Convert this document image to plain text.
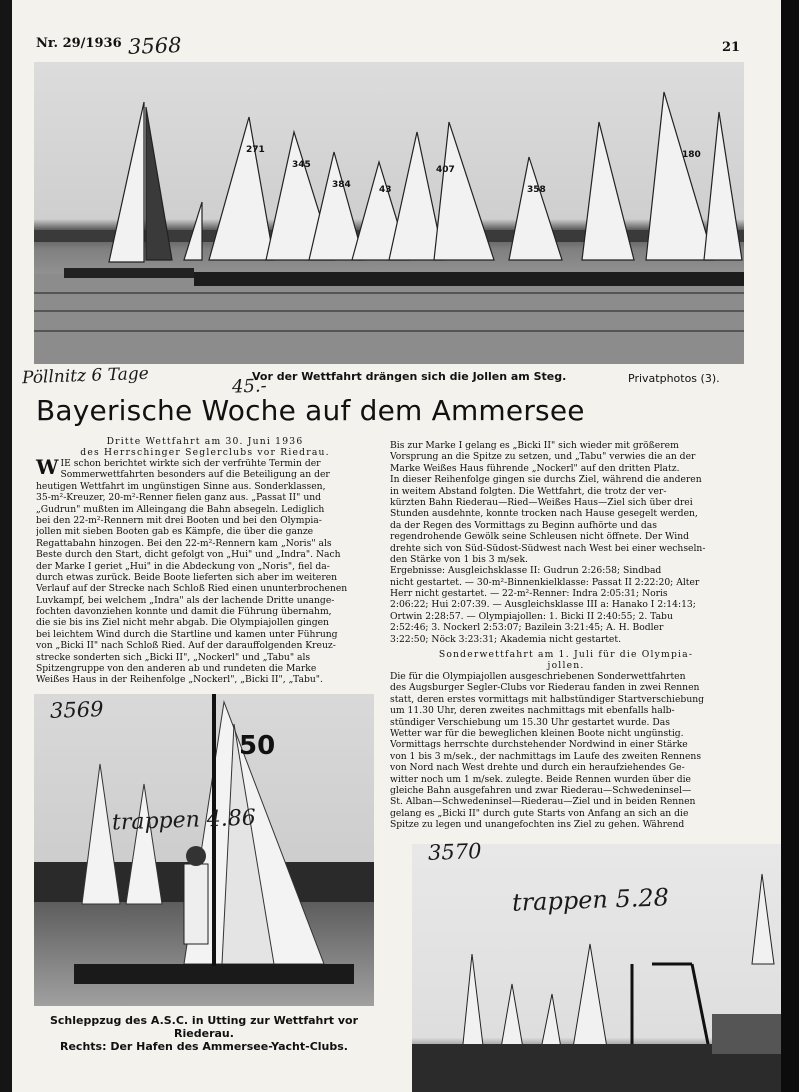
Nr. 29/1936	21
3568
271
345
384	43
407
358
180
Pöllnitz 6 Tage	45.-
Vor der Wettfahrt drängen sich die Jollen am Steg.	Privatphotos (3).
Bayerische Woche auf dem Ammersee
Dritte Wettfahrt am 30. Juni 1936
des Herrschinger Seglerclubs vor Riedrau.
W IE schon berichtet wirkte sich der verfrühte Termin der
Sommerwettfahrten besonders auf die Beteiligung an der
heutigen Wettfahrt im ungünstigen Sinne aus. Sonderklassen,
35-m²-Kreuzer, 20-m²-Renner fielen ganz aus. „Passat II" und
„Gudrun" mußten im Alleingang die Bahn absegeln. Lediglich
bei den 22-m²-Rennern mit drei Booten und bei den Olympia-
jollen mit sieben Booten gab es Kämpfe, die über die ganze
Regattabahn hinzogen. Bei den 22-m²-Rennern kam „Noris" als
Beste durch den Start, dicht gefolgt von „Hui" und „Indra". Nach
der Marke I geriet „Hui" in die Abdeckung von „Noris", fiel da-
durch etwas zurück. Beide Boote lieferten sich aber im weiteren
Verlauf auf der Strecke nach Schloß Ried einen ununterbrochenen
Luvkampf, bei welchem „Indra" als der lachende Dritte unange-
fochten davonziehen konnte und damit die Führung übernahm,
die sie bis ins Ziel nicht mehr abgab. Die Olympiajollen gingen
bei leichtem Wind durch die Startline und kamen unter Führung
von „Bicki II" nach Schloß Ried. Auf der darauffolgenden Kreuz-
strecke sonderten sich „Bicki II", „Nockerl" und „Tabu" als
Spitzengruppe von den anderen ab und rundeten die Marke
Weißes Haus in der Reihenfolge „Nockerl", „Bicki II", „Tabu".
Bis zur Marke I gelang es „Bicki II" sich wieder mit größerem
Vorsprung an die Spitze zu setzen, und „Tabu" verwies die an der
Marke Weißes Haus führende „Nockerl" auf den dritten Platz.
In dieser Reihenfolge gingen sie durchs Ziel, während die anderen
in weitem Abstand folgten. Die Wettfahrt, die trotz der ver-
kürzten Bahn Riederau—Ried—Weißes Haus—Ziel sich über drei
Stunden ausdehnte, konnte trocken nach Hause gesegelt werden,
da der Regen des Vormittags zu Beginn aufhörte und das
regendrohende Gewölk seine Schleusen nicht öffnete. Der Wind
drehte sich von Süd-Südost-Südwest nach West bei einer wechseln-
den Stärke von 1 bis 3 m/sek.
Ergebnisse: Ausgleichsklasse II: Gudrun 2:26:58; Sindbad
nicht gestartet. — 30-m²-Binnenkielklasse: Passat II 2:22:20; Alter
Herr nicht gestartet. — 22-m²-Renner: Indra 2:05:31; Noris
2:06:22; Hui 2:07:39. — Ausgleichsklasse III a: Hanako I 2:14:13;
Ortwin 2:28:57. — Olympiajollen: 1. Bicki II 2:40:55; 2. Tabu
2:52:46; 3. Nockerl 2:53:07; Bazilein 3:21:45; A. H. Bodler
3:22:50; Nöck 3:23:31; Akademia nicht gestartet.
Sonderwettfahrt am 1. Juli für die Olympia-
jollen.
Die für die Olympiajollen ausgeschriebenen Sonderwettfahrten
des Augsburger Segler-Clubs vor Riederau fanden in zwei Rennen
statt, deren erstes vormittags mit halbstündiger Startverschiebung
um 11.30 Uhr, deren zweites nachmittags mit ebenfalls halb-
stündiger Verschiebung um 15.30 Uhr gestartet wurde. Das
Wetter war für die beweglichen kleinen Boote nicht ungünstig.
Vormittags herrschte durchstehender Nordwind in einer Stärke
von 1 bis 3 m/sek., der nachmittags im Laufe des zweiten Rennens
von Nord nach West drehte und durch ein heraufziehendes Ge-
witter noch um 1 m/sek. zulegte. Beide Rennen wurden über die
gleiche Bahn ausgefahren und zwar Riederau—Schwedeninsel—
St. Alban—Schwedeninsel—Riederau—Ziel und in beiden Rennen
gelang es „Bicki II" durch gute Starts von Anfang an sich an die
Spitze zu legen und unangefochten ins Ziel zu gehen. Während
50
3569
trappen 4.86
Schleppzug des A.S.C. in Utting zur Wettfahrt vor Riederau.
Rechts: Der Hafen des Ammersee-Yacht-Clubs.
3570
trappen 5.28
